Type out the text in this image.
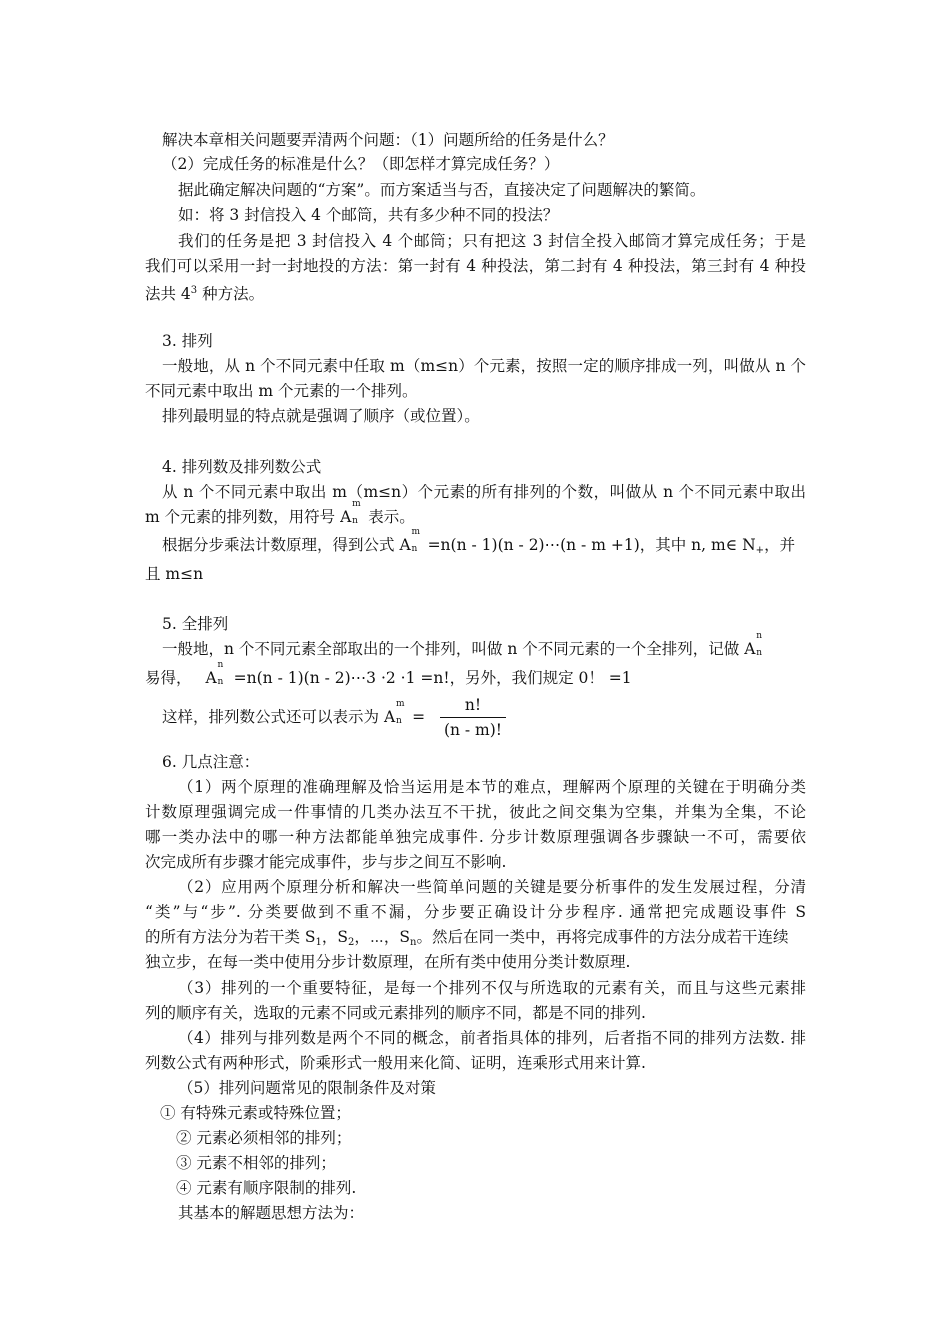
解决本章相关问题要弄清两个问题：（1）问题所给的任务是什么？
（2）完成任务的标准是什么？（即怎样才算完成任务？）
据此确定解决问题的“方案”。而方案适当与否，直接决定了问题解决的繁简。
如：将 3 封信投入 4 个邮筒，共有多少种不同的投法？
我们的任务是把 3 封信投入 4 个邮筒；只有把这 3 封信全投入邮筒才算完成任务；于是
我们可以采用一封一封地投的方法：第一封有 4 种投法，第二封有 4 种投法，第三封有 4 种投
法共 $4^3$ 种方法。
3. 排列
一般地，从 n 个不同元素中任取 m（m≤n）个元素，按照一定的顺序排成一列，叫做从 n 个
不同元素中取出 m 个元素的一个排列。
排列最明显的特点就是强调了顺序（或位置）。
4. 排列数及排列数公式
从 n 个不同元素中取出 m（m≤n）个元素的所有排列的个数，叫做从 n 个不同元素中取出
m 个元素的排列数，用符号 A
m
n 表示。
根据分步乘法计数原理，得到公式 A
m
n =n(n - 1)(n - 2)⋯(n - m +1)，其中 n, m∈ $N_+$，并
且 m≤n
5. 全排列
一般地，n 个不同元素全部取出的一个排列，叫做 n 个不同元素的一个全排列，记做 A
n
n
易得， A
n
n =n(n - 1)(n - 2)⋯3 ·2 ·1 =n!，另外，我们规定 0！ =1
这样，排列数公式还可以表示为 A
m
n =
n!
(n - m)!
6. 几点注意：
（1）两个原理的准确理解及恰当运用是本节的难点，理解两个原理的关键在于明确分类
计数原理强调完成一件事情的几类办法互不干扰，彼此之间交集为空集，并集为全集，不论
哪一类办法中的哪一种方法都能单独完成事件. 分步计数原理强调各步骤缺一不可，需要依
次完成所有步骤才能完成事件，步与步之间互不影响.
（2）应用两个原理分析和解决一些简单问题的关键是要分析事件的发生发展过程，分清
“类”与“步”. 分类要做到不重不漏，分步要正确设计分步程序. 通常把完成题设事件 S
的所有方法分为若干类 $S_1$，$S_2$，⋯，$S_n$。然后在同一类中，再将完成事件的方法分成若干连续
独立步，在每一类中使用分步计数原理，在所有类中使用分类计数原理.
（3）排列的一个重要特征，是每一个排列不仅与所选取的元素有关，而且与这些元素排
列的顺序有关，选取的元素不同或元素排列的顺序不同，都是不同的排列.
（4）排列与排列数是两个不同的概念，前者指具体的排列，后者指不同的排列方法数. 排
列数公式有两种形式，阶乘形式一般用来化简、证明，连乘形式用来计算.
（5）排列问题常见的限制条件及对策
① 有特殊元素或特殊位置；
② 元素必须相邻的排列；
③ 元素不相邻的排列；
④ 元素有顺序限制的排列.
其基本的解题思想方法为：
